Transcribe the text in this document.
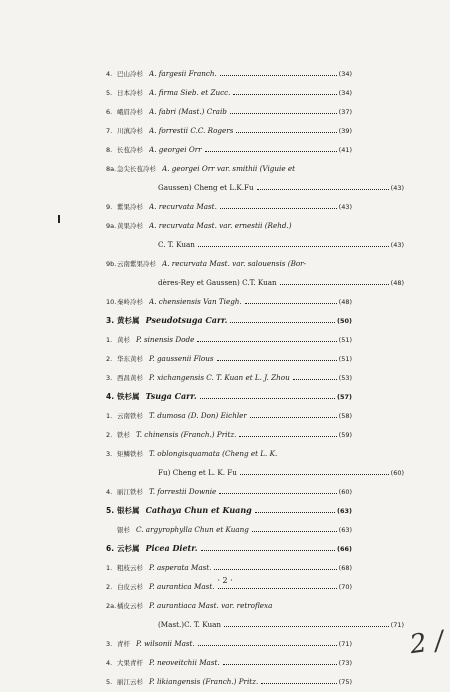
4. 巴山冷杉 A. fargesii Franch.	(34)
5. 日本冷杉 A. firma Sieb. et Zucc.	(34)
6. 峨眉冷杉 A. fabri (Mast.) Craib	(37)
7. 川滇冷杉 A. forrestii C.C. Rogers	(39)
8. 长苞冷杉 A. georgei Orr	(41)
8a. 急尖长苞冷杉 A. georgei Orr var. smithii (Viguie et
Gaussen) Cheng et L.K.Fu	(43)
9. 紫果冷杉 A. recurvata Mast.	(43)
9a. 黄果冷杉 A. recurvata Mast. var. ernestii (Rehd.)
C. T. Kuan	(43)
9b. 云南紫果冷杉 A. recurvata Mast. var. salouensis (Bor-
dères-Rey et Gaussen) C.T. Kuan	(48)
10. 秦岭冷杉 A. chensiensis Van Tiegh.	(48)
3. 黄杉属 Pseudotsuga Carr.	(50)
1. 黄杉 P. sinensis Dode	(51)
2. 华东黄杉 P. gaussenii Flous	(51)
3. 西昌黄杉 P. xichangensis C. T. Kuan et L. J. Zhou	(53)
4. 铁杉属 Tsuga Carr.	(57)
1. 云南铁杉 T. dumosa (D. Don) Eichler	(58)
2. 铁杉 T. chinensis (Franch.) Pritz.	(59)
3. 矩鳞铁杉 T. oblongisquamata (Cheng et L. K.
Fu) Cheng et L. K. Fu	(60)
4. 丽江铁杉 T. forrestii Downie	(60)
5. 银杉属 Cathaya Chun et Kuang	(63)
银杉 C. argyrophylla Chun et Kuang	(63)
6. 云杉属 Picea Dietr.	(66)
1. 粗枝云杉 P. asperata Mast.	(68)
2. 白皮云杉 P. aurantica Mast.	(70)
2a. 橘皮云杉 P. aurantiaca Mast. var. retroflexa
(Mast.)C. T. Kuan	(71)
3. 青杆 P. wilsonii Mast.	(71)
4. 大果青杆 P. neoveitchii Mast.	(73)
5. 丽江云杉 P. likiangensis (Franch.) Pritz.	(75)
· 2 ·
2 /
